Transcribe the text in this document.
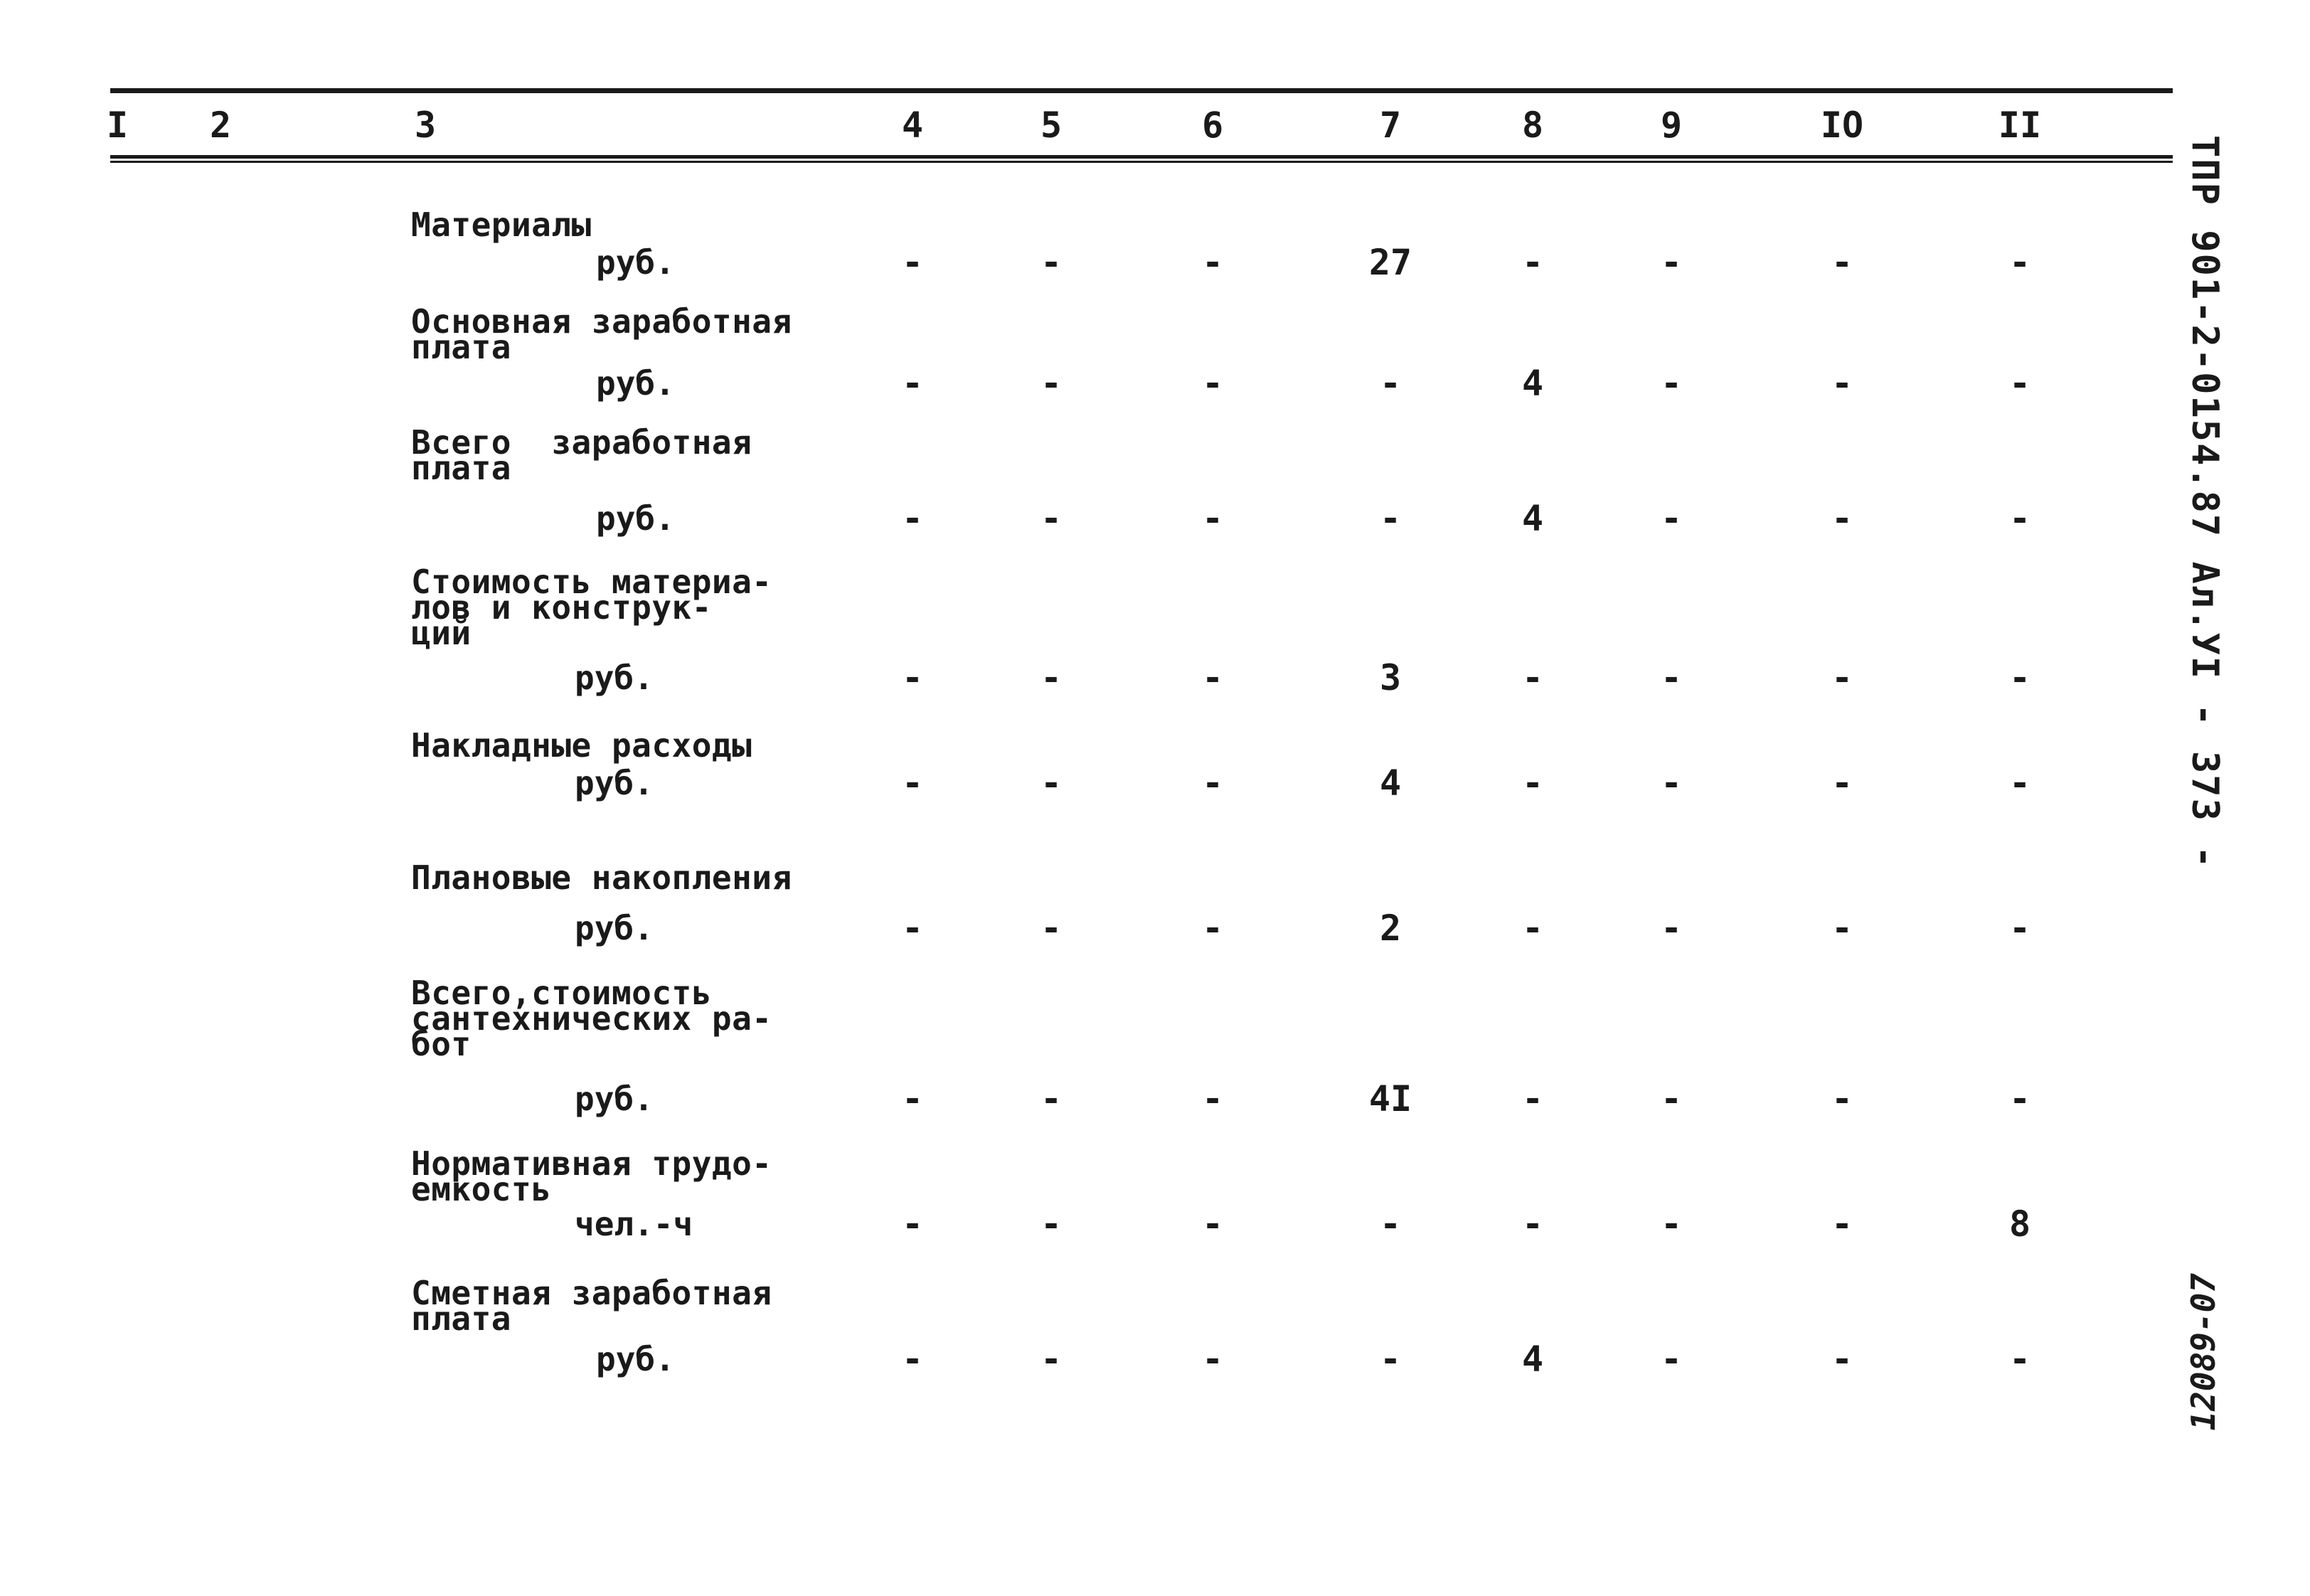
I	2	3	4	5	6	7	8	9	IO	II
Материалы
руб.	-	-	-	27	-	-	-	-
Основная заработная
плата
руб.	-	-	-	-	4	-	-	-
Всего  заработная
плата
руб.	-	-	-	-	4	-	-	-
Стоимость материа-
лов и конструк-
ций
руб.	-	-	-	3	-	-	-	-
Накладные расходы
руб.	-	-	-	4	-	-	-	-
Плановые накопления
руб.	-	-	-	2	-	-	-	-
Всего,стоимость
сантехнических ра-
бот
руб.	-	-	-	4I	-	-	-	-
Нормативная трудо-
емкость
чел.-ч	-	-	-	-	-	-	-	8
Сметная заработная
плата
руб.	-	-	-	-	4	-	-	-
ТПР 901-2-0154.87 Ал.УI - 373 -
12089-07
